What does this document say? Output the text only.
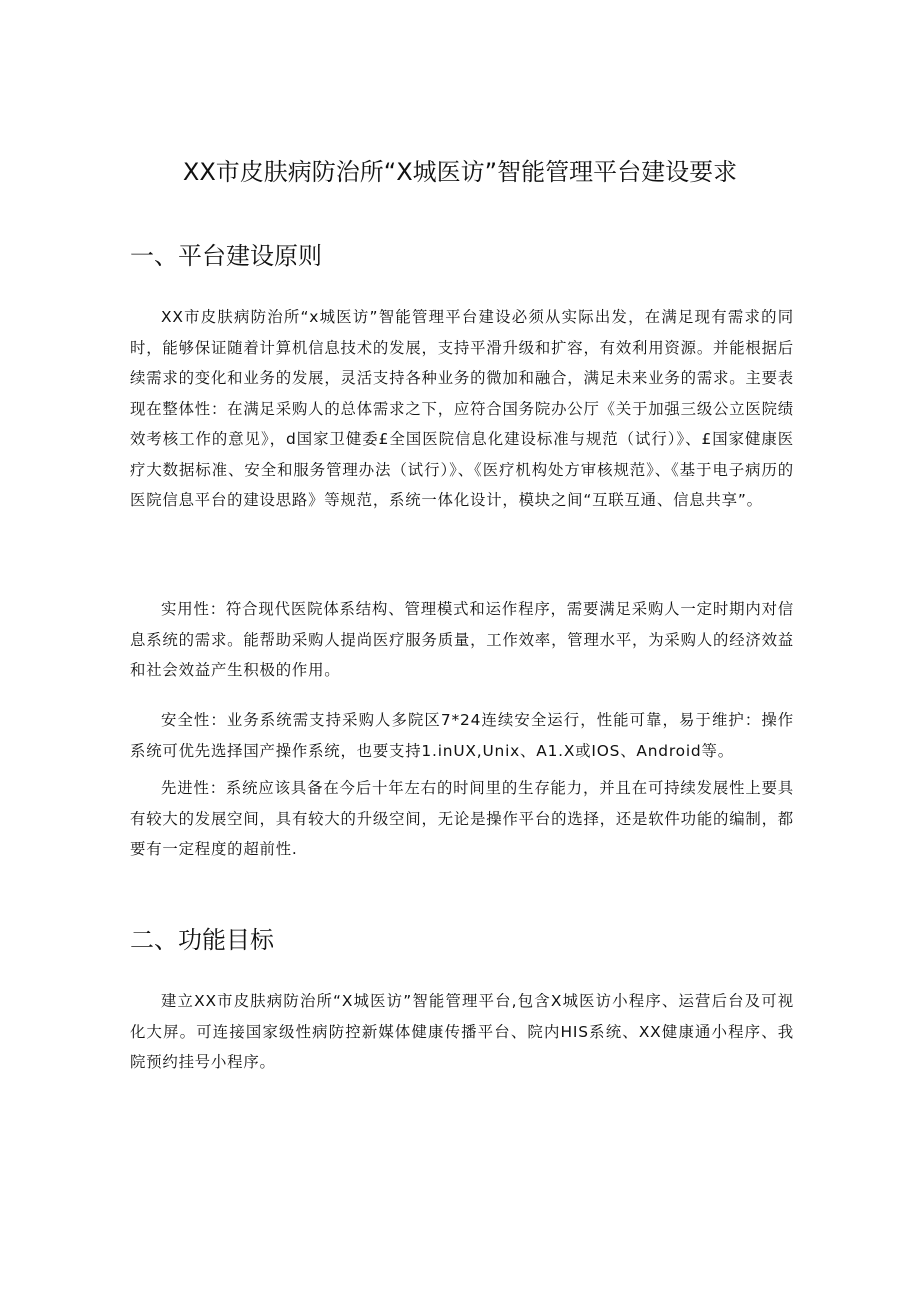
XX市皮肤病防治所“X城医访”智能管理平台建设要求
一、平台建设原则

XX市皮肤病防治所“x城医访”智能管理平台建设必须从实际出发，在满足现有需求的同时，能够保证随着计算机信息技术的发展，支持平滑升级和扩容，有效利用资源。并能根据后续需求的变化和业务的发展，灵活支持各种业务的微加和融合，满足未来业务的需求。主要表现在整体性：在满足采购人的总体需求之下，应符合国务院办公厅《关于加强三级公立医院绩效考核工作的意见》，d国家卫健委£全国医院信息化建设标准与规范（试行）》、£国家健康医疗大数据标准、安全和服务管理办法（试行）》、《医疗机构处方审核规范》、《基于电子病历的医院信息平台的建设思路》等规范，系统一体化设计，模块之间“互联互通、信息共享”。

实用性：符合现代医院体系结构、管理模式和运作程序，需要满足采购人一定时期内对信息系统的需求。能帮助采购人提尚医疗服务质量，工作效率，管理水平，为采购人的经济效益和社会效益产生积极的作用。

安全性：业务系统需支持采购人多院区7*24连续安全运行，性能可靠，易于维护：操作系统可优先选择国产操作系统，也要支持1.inUX,Unix、A1.X或IOS、Android等。

先进性：系统应该具备在今后十年左右的时间里的生存能力，并且在可持续发展性上要具有较大的发展空间，具有较大的升级空间，无论是操作平台的选择，还是软件功能的编制，都要有一定程度的超前性.

二、功能目标

建立XX市皮肤病防治所“X城医访”智能管理平台,包含X城医访小程序、运营后台及可视化大屏。可连接国家级性病防控新媒体健康传播平台、院内HIS系统、XX健康通小程序、我院预约挂号小程序。
